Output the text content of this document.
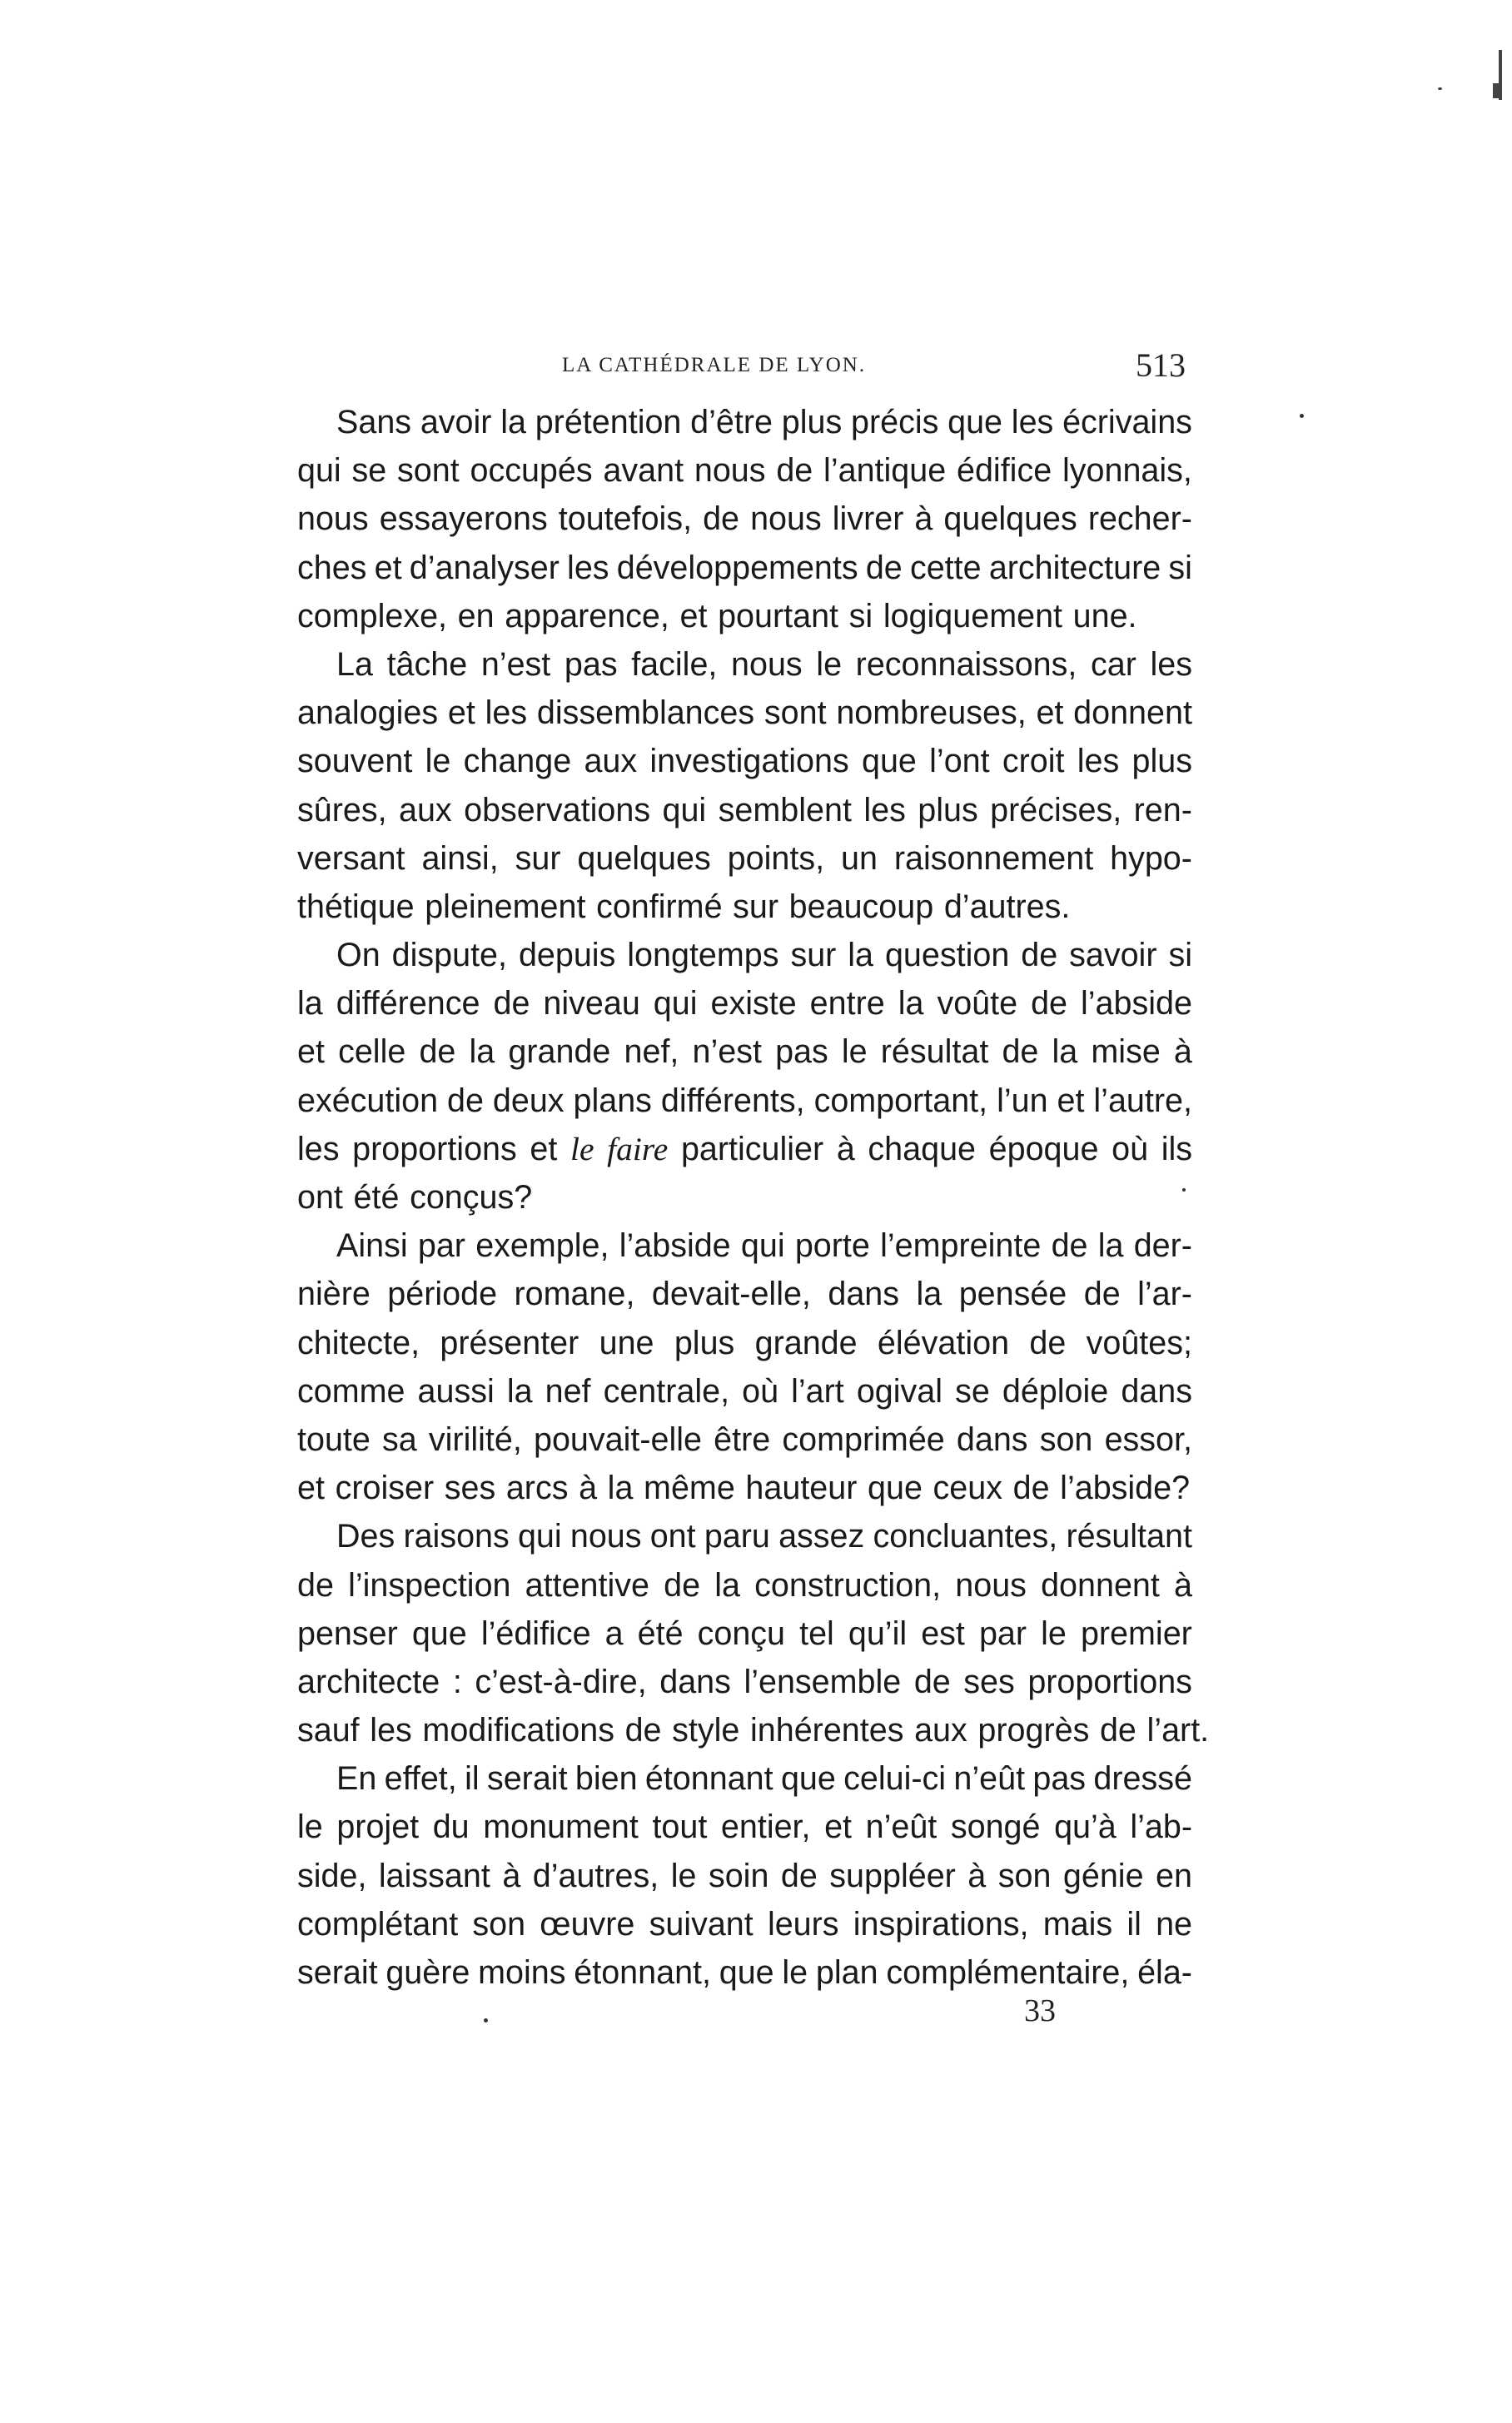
LA CATHÉDRALE DE LYON.	513
Sans avoir la prétention d’être plus précis que les écrivains
qui se sont occupés avant nous de l’antique édifice lyonnais,
nous essayerons toutefois, de nous livrer à quelques recher-
ches et d’analyser les développements de cette architecture si
complexe, en apparence, et pourtant si logiquement une.
La tâche n’est pas facile, nous le reconnaissons, car les
analogies et les dissemblances sont nombreuses, et donnent
souvent le change aux investigations que l’ont croit les plus
sûres, aux observations qui semblent les plus précises, ren-
versant ainsi, sur quelques points, un raisonnement hypo-
thétique pleinement confirmé sur beaucoup d’autres.
On dispute, depuis longtemps sur la question de savoir si
la différence de niveau qui existe entre la voûte de l’abside
et celle de la grande nef, n’est pas le résultat de la mise à
exécution de deux plans différents, comportant, l’un et l’autre,
les proportions et le faire particulier à chaque époque où ils
ont été conçus?
Ainsi par exemple, l’abside qui porte l’empreinte de la der-
nière période romane, devait-elle, dans la pensée de l’ar-
chitecte, présenter une plus grande élévation de voûtes;
comme aussi la nef centrale, où l’art ogival se déploie dans
toute sa virilité, pouvait-elle être comprimée dans son essor,
et croiser ses arcs à la même hauteur que ceux de l’abside?
Des raisons qui nous ont paru assez concluantes, résultant
de l’inspection attentive de la construction, nous donnent à
penser que l’édifice a été conçu tel qu’il est par le premier
architecte : c’est-à-dire, dans l’ensemble de ses proportions
sauf les modifications de style inhérentes aux progrès de l’art.
En effet, il serait bien étonnant que celui-ci n’eût pas dressé
le projet du monument tout entier, et n’eût songé qu’à l’ab-
side, laissant à d’autres, le soin de suppléer à son génie en
complétant son œuvre suivant leurs inspirations, mais il ne
serait guère moins étonnant, que le plan complémentaire, éla-
33
